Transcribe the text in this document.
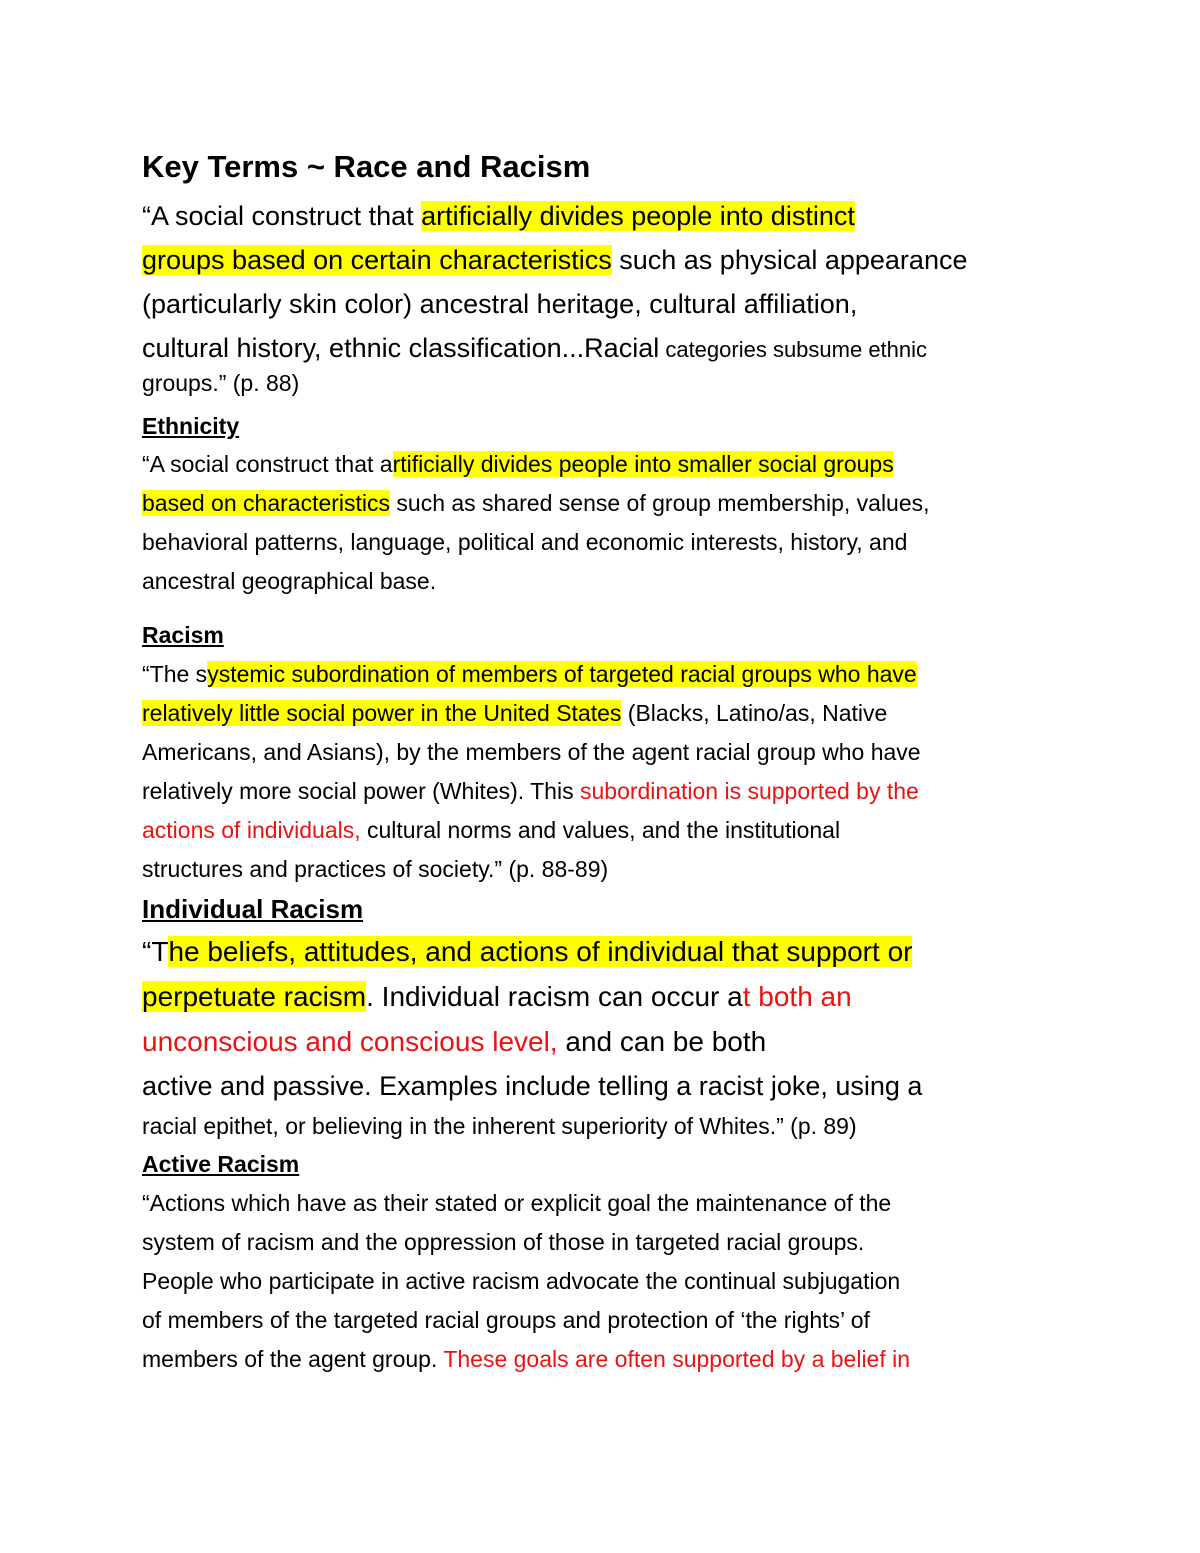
Key Terms ~ Race and Racism
“A social construct that artificially divides people into distinct
groups based on certain characteristics such as physical appearance
(particularly skin color) ancestral heritage, cultural affiliation,
cultural history, ethnic classification...Racial categories subsume ethnic
groups.” (p. 88)
Ethnicity
“A social construct that artificially divides people into smaller social groups
based on characteristics such as shared sense of group membership, values,
behavioral patterns, language, political and economic interests, history, and
ancestral geographical base.
Racism
“The systemic subordination of members of targeted racial groups who have
relatively little social power in the United States (Blacks, Latino/as, Native
Americans, and Asians), by the members of the agent racial group who have
relatively more social power (Whites). This subordination is supported by the
actions of individuals, cultural norms and values, and the institutional
structures and practices of society.” (p. 88-89)
Individual Racism
“The beliefs, attitudes, and actions of individual that support or
perpetuate racism. Individual racism can occur at both an
unconscious and conscious level, and can be both
active and passive. Examples include telling a racist joke, using a
racial epithet, or believing in the inherent superiority of Whites.” (p. 89)
Active Racism
“Actions which have as their stated or explicit goal the maintenance of the
system of racism and the oppression of those in targeted racial groups.
People who participate in active racism advocate the continual subjugation
of members of the targeted racial groups and protection of ‘the rights’ of
members of the agent group. These goals are often supported by a belief in
